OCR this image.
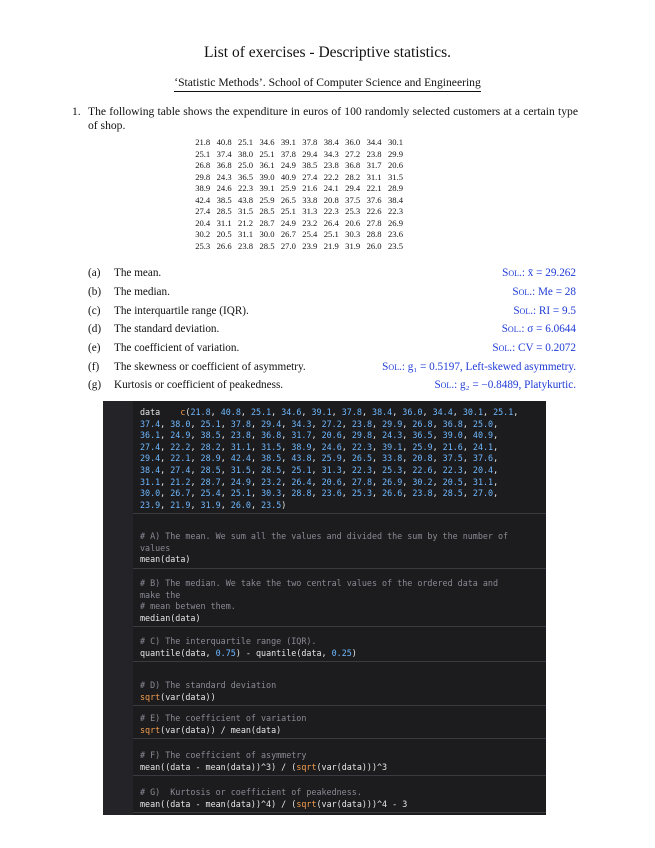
List of exercises - Descriptive statistics.
‘Statistic Methods’. School of Computer Science and Engineering
1. The following table shows the expenditure in euros of 100 randomly selected customers at a certain type of shop.
21.8	40.8	25.1	34.6	39.1	37.8	38.4	36.0	34.4	30.1
25.1	37.4	38.0	25.1	37.8	29.4	34.3	27.2	23.8	29.9
26.8	36.8	25.0	36.1	24.9	38.5	23.8	36.8	31.7	20.6
29.8	24.3	36.5	39.0	40.9	27.4	22.2	28.2	31.1	31.5
38.9	24.6	22.3	39.1	25.9	21.6	24.1	29.4	22.1	28.9
42.4	38.5	43.8	25.9	26.5	33.8	20.8	37.5	37.6	38.4
27.4	28.5	31.5	28.5	25.1	31.3	22.3	25.3	22.6	22.3
20.4	31.1	21.2	28.7	24.9	23.2	26.4	20.6	27.8	26.9
30.2	20.5	31.1	30.0	26.7	25.4	25.1	30.3	28.8	23.6
25.3	26.6	23.8	28.5	27.0	23.9	21.9	31.9	26.0	23.5
(a)	The mean.	Sol.: x̄ = 29.262
(b)	The median.	Sol.: Me = 28
(c)	The interquartile range (IQR).	Sol.: RI = 9.5
(d)	The standard deviation.	Sol.: σ = 6.0644
(e)	The coefficient of variation.	Sol.: CV = 0.2072
(f)	The skewness or coefficient of asymmetry.	Sol.: g₁ = 0.5197, Left-skewed asymmetry.
(g)	Kurtosis or coefficient of peakedness.	Sol.: g₂ = −0.8489, Platykurtic.
data    c(21.8, 40.8, 25.1, 34.6, 39.1, 37.8, 38.4, 36.0, 34.4, 30.1, 25.1,
37.4, 38.0, 25.1, 37.8, 29.4, 34.3, 27.2, 23.8, 29.9, 26.8, 36.8, 25.0,
36.1, 24.9, 38.5, 23.8, 36.8, 31.7, 20.6, 29.8, 24.3, 36.5, 39.0, 40.9,
27.4, 22.2, 28.2, 31.1, 31.5, 38.9, 24.6, 22.3, 39.1, 25.9, 21.6, 24.1,
29.4, 22.1, 28.9, 42.4, 38.5, 43.8, 25.9, 26.5, 33.8, 20.8, 37.5, 37.6,
38.4, 27.4, 28.5, 31.5, 28.5, 25.1, 31.3, 22.3, 25.3, 22.6, 22.3, 20.4,
31.1, 21.2, 28.7, 24.9, 23.2, 26.4, 20.6, 27.8, 26.9, 30.2, 20.5, 31.1,
30.0, 26.7, 25.4, 25.1, 30.3, 28.8, 23.6, 25.3, 26.6, 23.8, 28.5, 27.0,
23.9, 21.9, 31.9, 26.0, 23.5)
# A) The mean. We sum all the values and divided the sum by the number of
values
mean(data)
# B) The median. We take the two central values of the ordered data and
make the
# mean betwen them.
median(data)
# C) The interquartile range (IQR).
quantile(data, 0.75) - quantile(data, 0.25)
# D) The standard deviation
sqrt(var(data))
# E) The coefficient of variation
sqrt(var(data)) / mean(data)
# F) The coefficient of asymmetry
mean((data - mean(data))^3) / (sqrt(var(data)))^3
# G)  Kurtosis or coefficient of peakedness.
mean((data - mean(data))^4) / (sqrt(var(data)))^4 - 3
